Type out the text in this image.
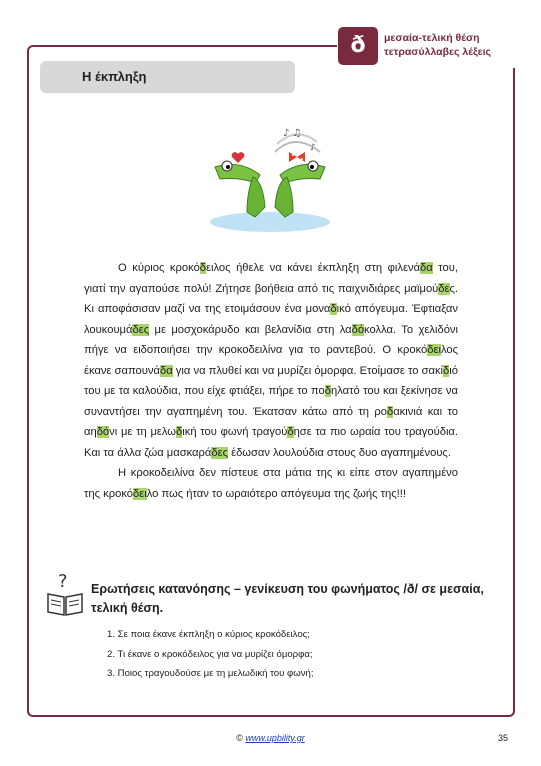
ð	μεσαία-τελική θέση
τετρασύλλαβες λέξεις
Η έκπληξη
♪ ♫
♪

Ο κύριος κροκόδειλος ήθελε να κάνει έκπληξη στη φιλενάδα του, γιατί την αγαπούσε πολύ! Ζήτησε βοήθεια από τις παιχνιδιάρες μαϊμούδες. Κι αποφάσισαν μαζί να της ετοιμάσουν ένα μοναδικό απόγευμα. Έφτιαξαν λουκουμάδες με μοσχοκάρυδο και βελανίδια στη λαδόκολλα. Το χελιδόνι πήγε να ειδοποιήσει την κροκοδειλίνα για το ραντεβού. Ο κροκόδειλος έκανε σαπουνάδα για να πλυθεί και να μυρίζει όμορφα. Ετοίμασε το σακίδιό του με τα καλούδια, που είχε φτιάξει, πήρε το ποδηλατό του και ξεκίνησε να συναντήσει την αγαπημένη του. Έκατσαν κάτω από τη ροδακινιά και το αηδόνι με τη μελωδική του φωνή τραγούδησε τα πιο ωραία του τραγούδια. Και τα άλλα ζώα μασκαράδες έδωσαν λουλούδια στους δυο αγαπημένους.

Η κροκοδειλίνα δεν πίστευε στα μάτια της κι είπε στον αγαπημένο της κροκόδειλο πως ήταν το ωραιότερο απόγευμα της ζωής της!!!

? Ερωτήσεις κατανόησης – γενίκευση του φωνήματος /ð/ σε μεσαία, τελική θέση.
1. Σε ποια έκανε έκπληξη ο κύριος κροκόδειλος;
2. Τι έκανε ο κροκόδειλος για να μυρίζει όμορφα;
3. Ποιος τραγουδούσε με τη μελωδική του φωνή;
© www.upbility.gr	35
